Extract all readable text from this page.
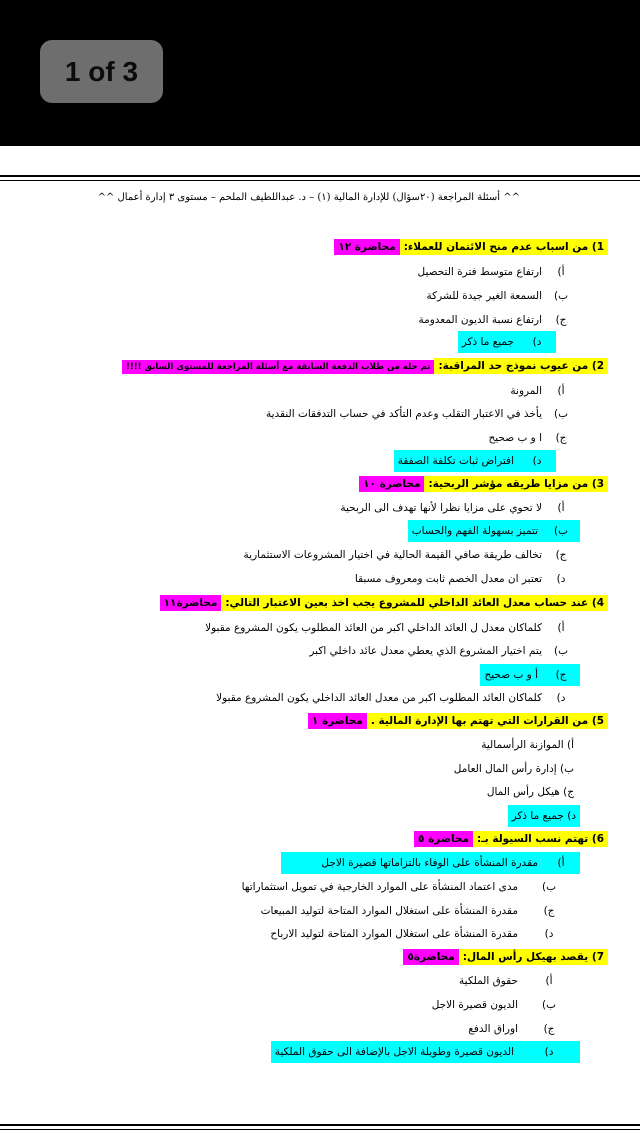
1 of 3
^^ أسئلة المراجعة (٢٠سؤال) للإدارة المالية (١) – د. عبداللطيف الملحم – مستوى ٣ إدارة أعمال ^^
1) من اسباب عدم منح الائتمان للعملاء:محاضرة ١٢
أ)ارتفاع متوسط فترة التحصيل
ب)السمعة الغير جيدة للشركة
ج)ارتفاع نسبة الديون المعدومة
د)جميع ما ذكر
2) من عيوب نموذج حد المراقبة:تم حله من طلاب الدفعة السابقة مع أسئلة المراجعة للمستوى السابق !!!!
أ)المرونة
ب)يأخذ في الاعتبار التقلب وعدم التأكد في حساب التدفقات النقدية
ج)ا و ب صحيح
د)افتراض ثبات تكلفة الصفقة
3) من مزايا طريقه مؤشر الربحية:محاضرة ١٠
أ)لا تحوي على مزايا نظرا لأنها تهدف الى الربحية
ب)تتميز بسهولة الفهم والحساب
ج)تخالف طريقة صافي القيمة الحالية في اختيار المشروعات الاستثمارية
د)تعتبر ان معدل الخصم ثابت ومعروف مسبقا
4) عند حساب معدل العائد الداخلي للمشروع يجب اخذ بعين الاعتبار التالي:محاضرة١١
أ)كلماكان معدل ل العائد الداخلي اكبر من العائد المطلوب يكون المشروع مقبولا
ب)يتم اختيار المشروع الذي يعطي معدل عائد داخلي اكبر
ج)أ و ب صحيح
د)كلماكان العائد المطلوب اكبر من معدل العائد الداخلي يكون المشروع مقبولا
5) من القرارات التي تهتم بها الإدارة المالية .محاضرة ١
أ) الموازنة الرأسمالية
ب) إدارة رأس المال العامل
ج) هيكل رأس المال
د) جميع ما ذكر
6) تهتم نسب السيولة بـ:محاضرة ٥
أ)مقدرة المنشأة على الوفاء بالتزاماتها قصيرة الاجل
ب)مدى اعتماد المنشأة على الموارد الخارجية في تمويل استثماراتها
ج)مقدرة المنشأة على استغلال الموارد المتاحة لتوليد المبيعات
د)مقدرة المنشأة على استغلال الموارد المتاحة لتوليد الارباح
7) يقصد بهيكل رأس المال:محاضرة٥
أ)حقوق الملكية
ب)الديون قصيرة الاجل
ج)اوراق الدفع
د)الديون قصيرة وطويلة الاجل بالإضافة الى حقوق الملكية
